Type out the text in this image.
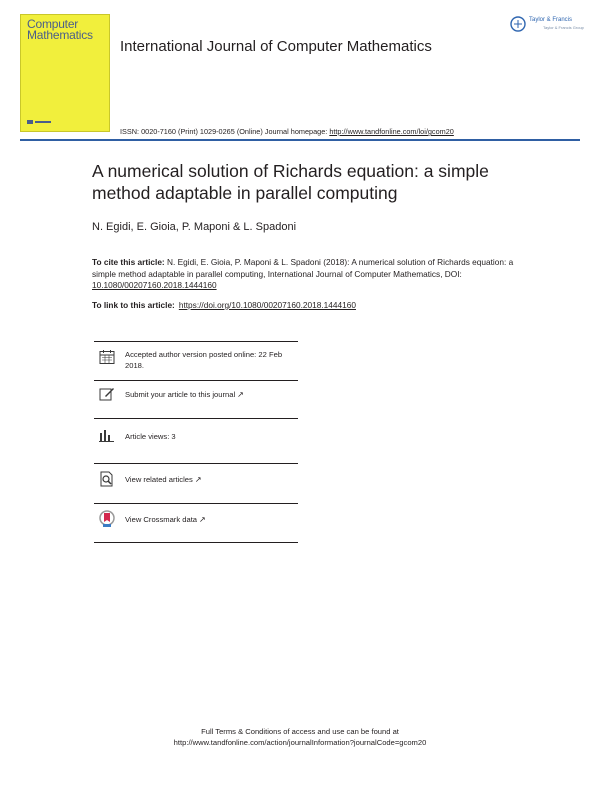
Computer
Mathematics
International Journal of Computer Mathematics
Taylor & Francis
Taylor & Francis Group
ISSN: 0020-7160 (Print) 1029-0265 (Online) Journal homepage: http://www.tandfonline.com/loi/gcom20
A numerical solution of Richards equation: a simple method adaptable in parallel computing
N. Egidi, E. Gioia, P. Maponi & L. Spadoni
To cite this article: N. Egidi, E. Gioia, P. Maponi & L. Spadoni (2018): A numerical solution of Richards equation: a simple method adaptable in parallel computing, International Journal of Computer Mathematics, DOI: 10.1080/00207160.2018.1444160
To link to this article: https://doi.org/10.1080/00207160.2018.1444160
Accepted author version posted online: 22 Feb 2018.
Submit your article to this journal ↗
Article views: 3
View related articles ↗
View Crossmark data ↗
Full Terms & Conditions of access and use can be found at
http://www.tandfonline.com/action/journalInformation?journalCode=gcom20
